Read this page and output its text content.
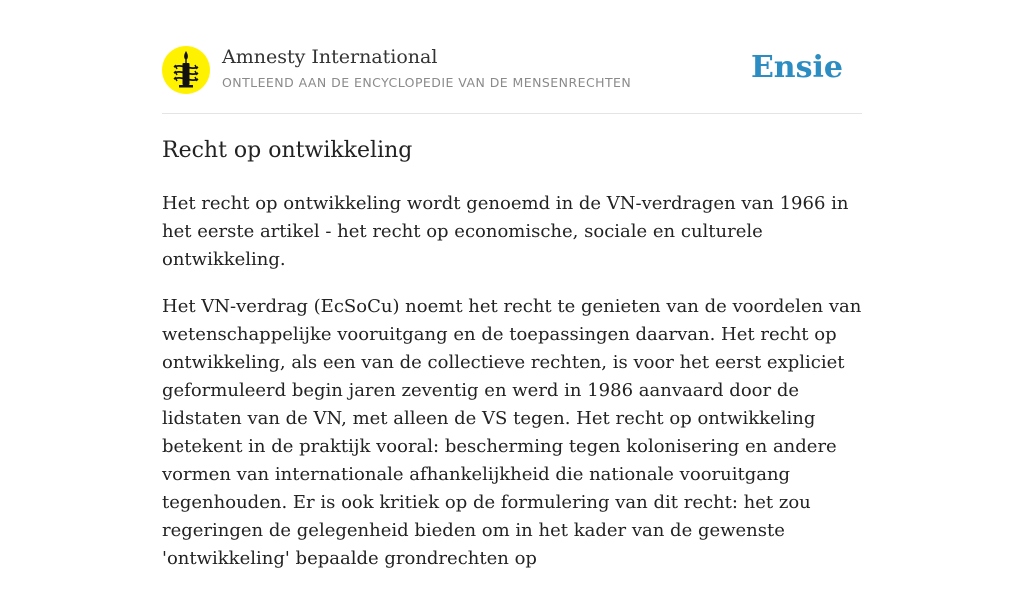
Amnesty International
ONTLEEND AAN DE ENCYCLOPEDIE VAN DE MENSENRECHTEN	Ensie
Recht op ontwikkeling

Het recht op ontwikkeling wordt genoemd in de VN-verdragen van 1966 in het eerste artikel - het recht op economische, sociale en culturele ontwikkeling.

Het VN-verdrag (EcSoCu) noemt het recht te genieten van de voordelen van wetenschappelijke vooruitgang en de toepassingen daarvan. Het recht op ontwikkeling, als een van de collectieve rechten, is voor het eerst expliciet geformuleerd begin jaren zeventig en werd in 1986 aanvaard door de lidstaten van de VN, met alleen de VS tegen. Het recht op ontwikkeling betekent in de praktijk vooral: bescherming tegen kolonisering en andere vormen van internationale afhankelijkheid die nationale vooruitgang tegenhouden. Er is ook kritiek op de formulering van dit recht: het zou regeringen de gelegenheid bieden om in het kader van de gewenste 'ontwikkeling' bepaalde grondrechten op
